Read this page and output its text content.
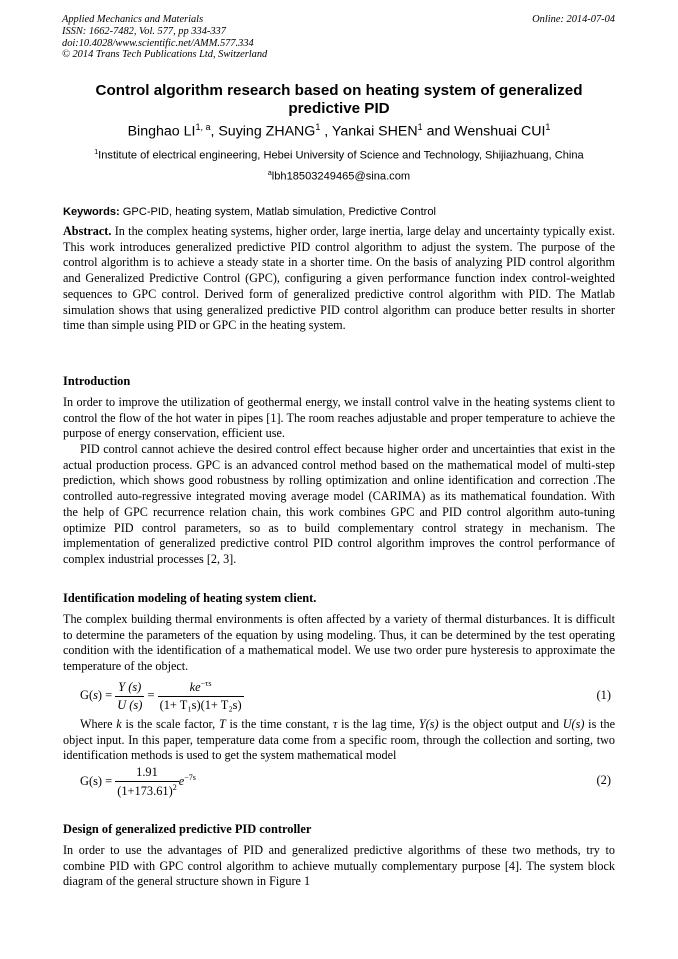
Applied Mechanics and Materials
ISSN: 1662-7482, Vol. 577, pp 334-337
doi:10.4028/www.scientific.net/AMM.577.334
© 2014 Trans Tech Publications Ltd, Switzerland
Online: 2014-07-04
Control algorithm research based on heating system of generalized predictive PID
Binghao LI$^{1, a}$, Suying ZHANG$^1$ , Yankai SHEN$^1$ and Wenshuai CUI$^1$
$^1$Institute of electrical engineering, Hebei University of Science and Technology, Shijiazhuang, China
$^a$lbh18503249465@sina.com
Keywords: GPC-PID, heating system, Matlab simulation, Predictive Control
Abstract. In the complex heating systems, higher order, large inertia, large delay and uncertainty typically exist. This work introduces generalized predictive PID control algorithm to adjust the system. The purpose of the control algorithm is to achieve a steady state in a shorter time. On the basis of analyzing PID control algorithm and Generalized Predictive Control (GPC), configuring a given performance function index control-weighted sequences to GPC control. Derived form of generalized predictive control algorithm with PID. The Matlab simulation shows that using generalized predictive PID control algorithm can produce better results in shorter time than simple using PID or GPC in the heating system.
Introduction
In order to improve the utilization of geothermal energy, we install control valve in the heating systems client to control the flow of the hot water in pipes [1]. The room reaches adjustable and proper temperature to achieve the purpose of energy conservation, efficient use.
PID control cannot achieve the desired control effect because higher order and uncertainties that exist in the actual production process. GPC is an advanced control method based on the mathematical model of multi-step prediction, which shows good robustness by rolling optimization and online identification and correction .The controlled auto-regressive integrated moving average model (CARIMA) as its mathematical foundation. With the help of GPC recurrence relation chain, this work combines GPC and PID control algorithm auto-tuning optimize PID control parameters, so as to build complementary control strategy in mechanism. The implementation of generalized predictive control PID control algorithm improves the control performance of complex industrial processes [2, 3].
Identification modeling of heating system client.
The complex building thermal environments is often affected by a variety of thermal disturbances. It is difficult to determine the parameters of the equation by using modeling. Thus, it can be determined by the test operating condition with the identification of a mathematical model. We use two order pure hysteresis to approximate the temperature of the object.
$G(s) = \frac{Y (s)}{U (s)} = \frac{ke^{-\tau s}}{\text{(1+ T₁s)(1+ T₂s)}}$	(1)
Where k is the scale factor, T is the time constant, τ is the lag time, Y(s) is the object output and U(s) is the object input. In this paper, temperature data come from a specific room, through the collection and sorting, two identification methods is used to get the system mathematical model
$G(s) = \frac{1.91}{(1+173.61)^2} e^{-7s}$	(2)
Design of generalized predictive PID controller
In order to use the advantages of PID and generalized predictive algorithms of these two methods, try to combine PID with GPC control algorithm to achieve mutually complementary purpose [4]. The system block diagram of the general structure shown in Figure 1
